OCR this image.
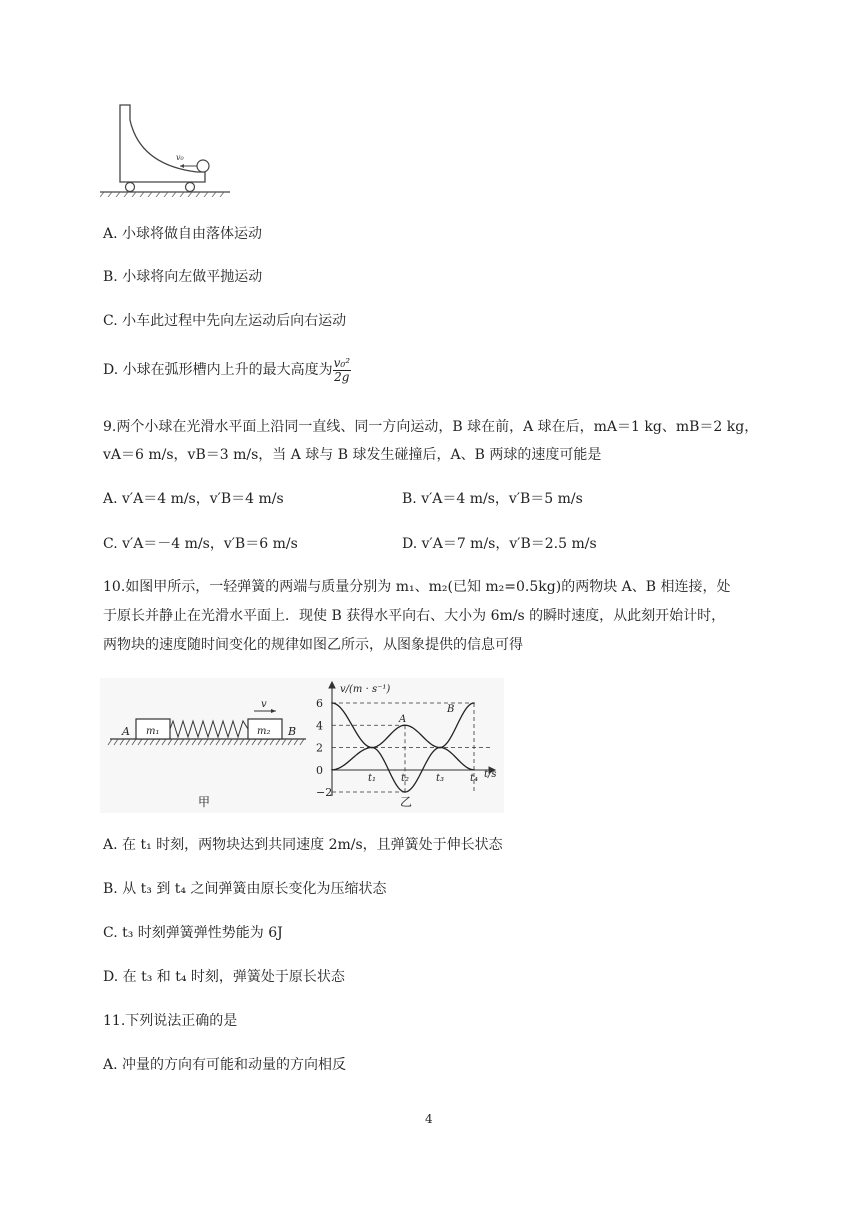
v₀
A. 小球将做自由落体运动
B. 小球将向左做平抛运动
C. 小车此过程中先向左运动后向右运动
D. 小球在弧形槽内上升的最大高度为 $\frac{\text{v₀²}}{2g}$
9.两个小球在光滑水平面上沿同一直线、同一方向运动，B 球在前，A 球在后，mA＝1 kg、mB＝2 kg，
vA＝6 m/s，vB＝3 m/s，当 A 球与 B 球发生碰撞后，A、B 两球的速度可能是
A. v′A＝4 m/s，v′B＝4 m/s	B. v′A＝4 m/s，v′B＝5 m/s
C. v′A＝－4 m/s，v′B＝6 m/s	D. v′A＝7 m/s，v′B＝2.5 m/s
10.如图甲所示，一轻弹簧的两端与质量分别为 m₁、m₂(已知 m₂=0.5kg)的两物块 A、B 相连接，处
于原长并静止在光滑水平面上．现使 B 获得水平向右、大小为 6m/s 的瞬时速度，从此刻开始计时，
两物块的速度随时间变化的规律如图乙所示，从图象提供的信息可得
v
A	B
m₁	m₂
甲
6
4
2
0
−2
t₁ t₂	t₃	t₄
v/(m · s⁻¹)
t/s
A
B
乙
A. 在 t₁ 时刻，两物块达到共同速度 2m/s，且弹簧处于伸长状态
B. 从 t₃ 到 t₄ 之间弹簧由原长变化为压缩状态
C. t₃ 时刻弹簧弹性势能为 6J
D. 在 t₃ 和 t₄ 时刻，弹簧处于原长状态
11.下列说法正确的是
A. 冲量的方向有可能和动量的方向相反
4
